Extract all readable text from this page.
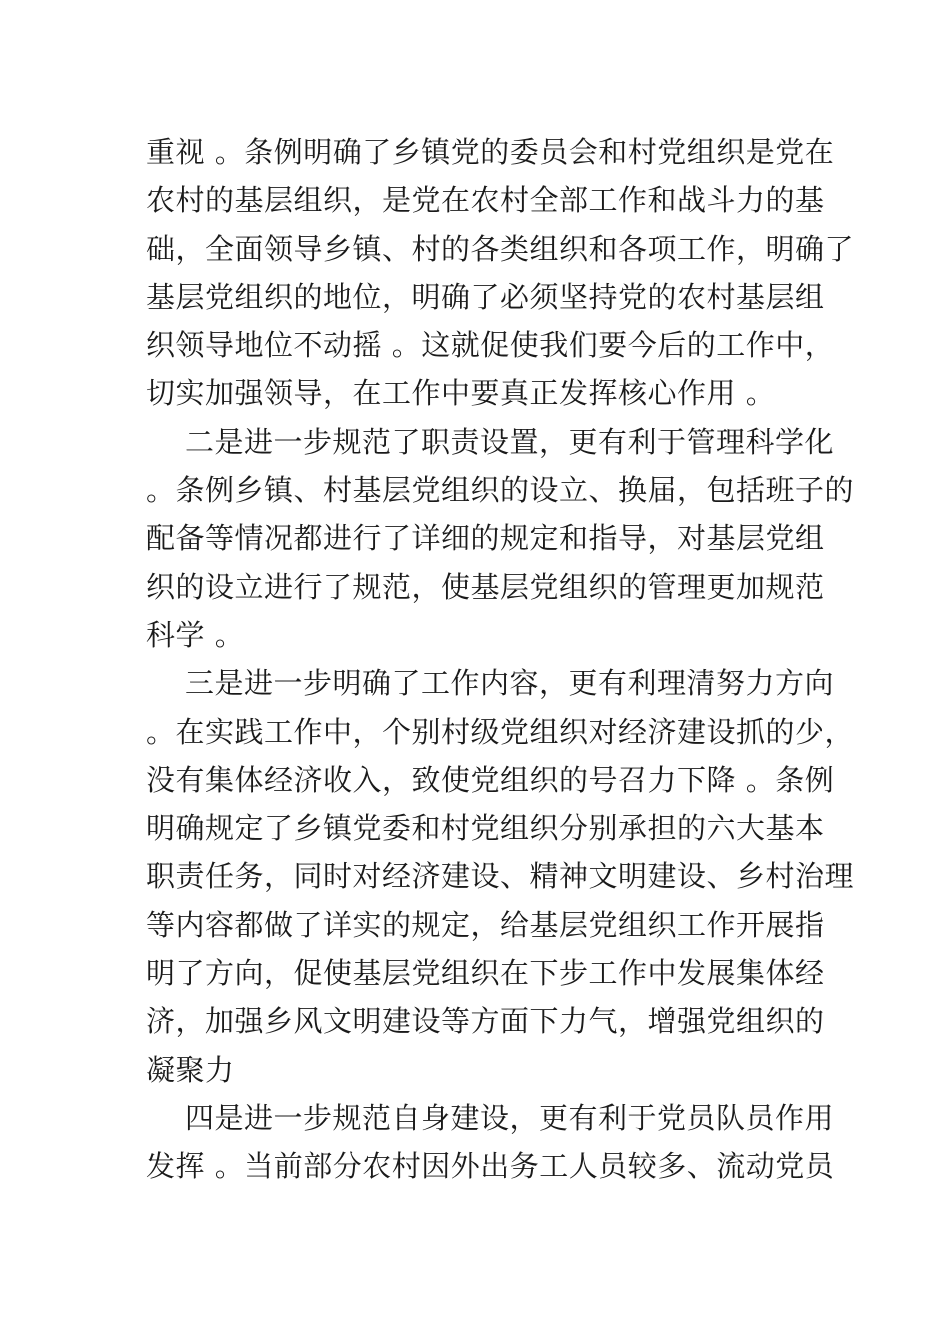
重视 。条例明确了乡镇党的委员会和村党组织是党在
农村的基层组织，是党在农村全部工作和战斗力的基
础，全面领导乡镇、村的各类组织和各项工作，明确了
基层党组织的地位，明确了必须坚持党的农村基层组
织领导地位不动摇 。这就促使我们要今后的工作中，
切实加强领导，在工作中要真正发挥核心作用 。
二是进一步规范了职责设置，更有利于管理科学化
。条例乡镇、村基层党组织的设立、换届，包括班子的
配备等情况都进行了详细的规定和指导，对基层党组
织的设立进行了规范，使基层党组织的管理更加规范
科学 。
三是进一步明确了工作内容，更有利理清努力方向
。在实践工作中，个别村级党组织对经济建设抓的少，
没有集体经济收入，致使党组织的号召力下降 。条例
明确规定了乡镇党委和村党组织分别承担的六大基本
职责任务，同时对经济建设、精神文明建设、乡村治理
等内容都做了详实的规定，给基层党组织工作开展指
明了方向，促使基层党组织在下步工作中发展集体经
济，加强乡风文明建设等方面下力气，增强党组织的
凝聚力
四是进一步规范自身建设，更有利于党员队员作用
发挥 。当前部分农村因外出务工人员较多、流动党员
